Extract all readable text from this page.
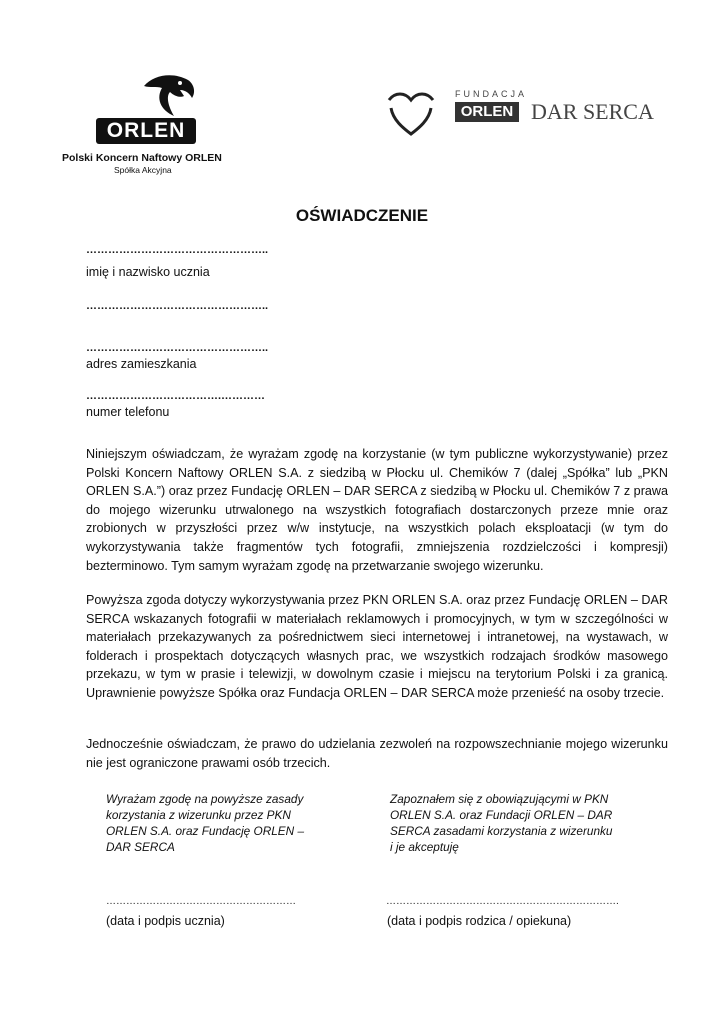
ORLEN
Polski Koncern Naftowy ORLEN
Spółka Akcyjna
FUNDACJA
ORLEN DAR SERCA
OŚWIADCZENIE
…………………………………………..
imię i nazwisko ucznia
…………………………………………..
…………………………………………..
adres zamieszkania
……………………………….…………
numer telefonu
Niniejszym oświadczam, że wyrażam zgodę na korzystanie (w tym publiczne wykorzystywanie) przez Polski Koncern Naftowy ORLEN S.A. z siedzibą w Płocku ul. Chemików 7 (dalej „Spółka” lub „PKN ORLEN S.A.”) oraz przez Fundację ORLEN – DAR SERCA z siedzibą w Płocku ul. Chemików 7 z prawa do mojego wizerunku utrwalonego na wszystkich fotografiach dostarczonych przeze mnie oraz zrobionych w przyszłości przez w/w instytucje, na wszystkich polach eksploatacji (w tym do wykorzystywania także fragmentów tych fotografii, zmniejszenia rozdzielczości i kompresji) bezterminowo. Tym samym wyrażam zgodę na przetwarzanie swojego wizerunku.
Powyższa zgoda dotyczy wykorzystywania przez PKN ORLEN S.A. oraz przez Fundację ORLEN – DAR SERCA wskazanych fotografii w materiałach reklamowych i promocyjnych, w tym w szczególności w materiałach przekazywanych za pośrednictwem sieci internetowej i intranetowej, na wystawach, w folderach i prospektach dotyczących własnych prac, we wszystkich rodzajach środków masowego przekazu, w tym w prasie i telewizji, w dowolnym czasie i miejscu na terytorium Polski i za granicą. Uprawnienie powyższe Spółka oraz Fundacja ORLEN – DAR SERCA może przenieść na osoby trzecie.
Jednocześnie oświadczam, że prawo do udzielania zezwoleń na rozpowszechnianie mojego wizerunku nie jest ograniczone prawami osób trzecich.
Wyrażam zgodę na powyższe zasady
korzystania z wizerunku przez PKN
ORLEN S.A. oraz Fundację ORLEN –
DAR SERCA
Zapoznałem się z obowiązującymi w PKN
ORLEN S.A. oraz Fundacji ORLEN – DAR
SERCA zasadami korzystania z wizerunku
i je akceptuję
…………………………………………………
(data i podpis ucznia)
…………………………………………………………….
(data i podpis rodzica / opiekuna)
